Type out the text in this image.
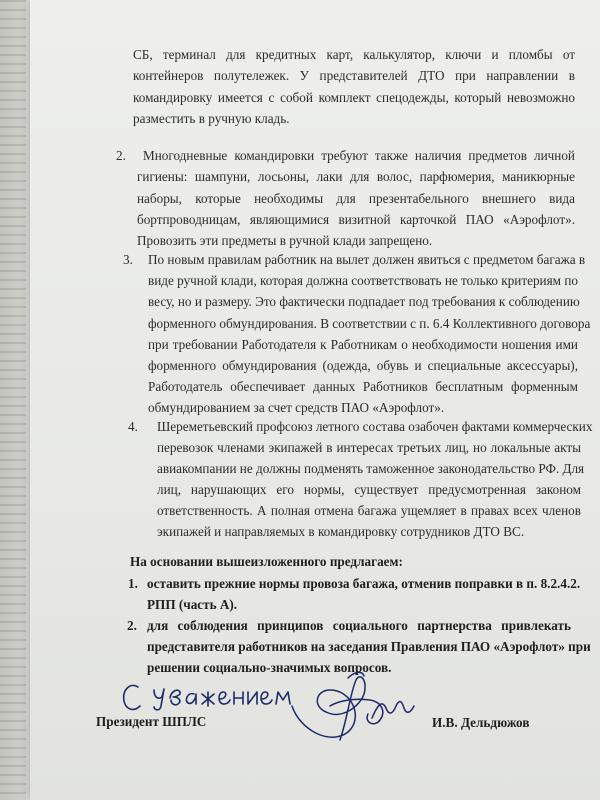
СБ, терминал для кредитных карт, калькулятор, ключи и пломбы от
контейнеров полутележек. У представителей ДТО при направлении в
командировку имеется с собой комплект спецодежды, который невозможно
разместить в ручную кладь.
2. Многодневные командировки требуют также наличия предметов личной
гигиены: шампуни, лосьоны, лаки для волос, парфюмерия, маникюрные
наборы, которые необходимы для презентабельного внешнего вида
бортпроводницам, являющимися визитной карточкой ПАО «Аэрофлот».
Провозить эти предметы в ручной клади запрещено.
3. По новым правилам работник на вылет должен явиться с предметом багажа в
виде ручной клади, которая должна соответствовать не только критериям по
весу, но и размеру. Это фактически подпадает под требования к соблюдению
форменного обмундирования. В соответствии с п. 6.4 Коллективного договора
при требовании Работодателя к Работникам о необходимости ношения ими
форменного обмундирования (одежда, обувь и специальные аксессуары),
Работодатель обеспечивает данных Работников бесплатным форменным
обмундированием за счет средств ПАО «Аэрофлот».
4. Шереметьевский профсоюз летного состава озабочен фактами коммерческих
перевозок членами экипажей в интересах третьих лиц, но локальные акты
авиакомпании не должны подменять таможенное законодательство РФ. Для
лиц, нарушающих его нормы, существует предусмотренная законом
ответственность. А полная отмена багажа ущемляет в правах всех членов
экипажей и направляемых в командировку сотрудников ДТО ВС.
На основании вышеизложенного предлагаем:
1. оставить прежние нормы провоза багажа, отменив поправки в п. 8.2.4.2.
РПП (часть А).
2. для соблюдения принципов социального партнерства привлекать
представителя работников на заседания Правления ПАО «Аэрофлот» при
решении социально-значимых вопросов.
Президент ШПЛС	И.В. Дельдюжов
